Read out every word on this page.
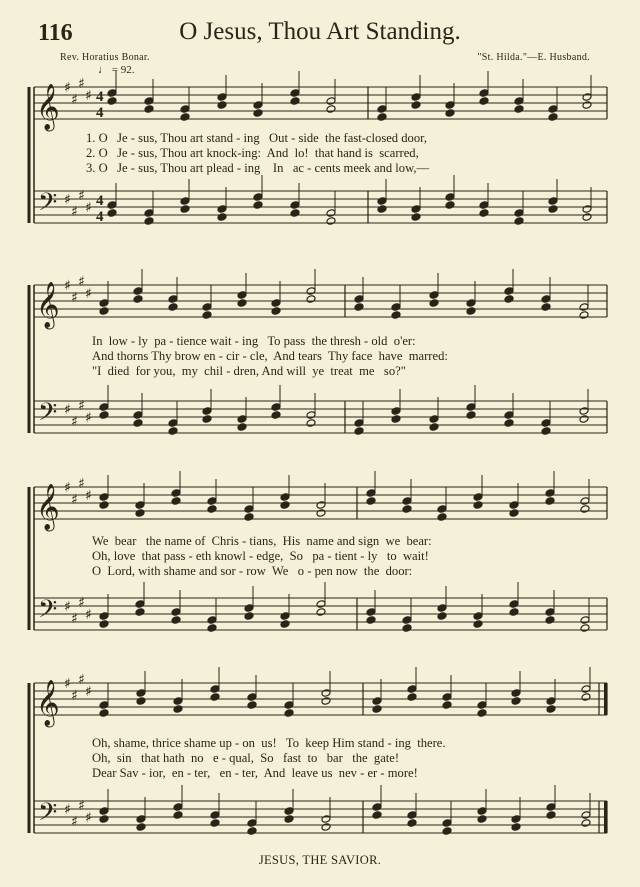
116	O Jesus, Thou Art Standing.
Rev. Horatius Bonar.	"St. Hilda."—E. Husband.
♩ = 92.
𝄞
𝄢
♯
♯
♯
♯
♯
♯
♯
♯
4
4
4
4
𝄞
𝄢
♯
♯
♯
♯
♯
♯
♯
♯
𝄞
𝄢
♯
♯
♯
♯
♯
♯
♯
♯
𝄞
𝄢
♯
♯
♯
♯
♯
♯
♯
♯
1. O   Je - sus, Thou art stand - ing   Out - side  the fast-closed door,
2. O   Je - sus, Thou art knock-ing:  And  lo!  that hand is  scarred,
3. O   Je - sus, Thou art plead - ing    In   ac - cents meek and low,—
In  low - ly  pa - tience wait - ing   To pass  the thresh - old  o'er:
And thorns Thy brow en - cir - cle,  And tears  Thy face  have  marred:
"I  died  for you,  my  chil - dren, And will  ye  treat  me   so?"
We  bear   the name of  Chris - tians,  His  name and sign  we  bear:
Oh, love  that pass - eth knowl - edge,  So   pa - tient - ly   to  wait!
O  Lord, with shame and sor - row  We   o - pen now  the  door:
Oh, shame, thrice shame up - on  us!   To  keep Him stand - ing  there.
Oh,  sin   that hath  no   e - qual,  So   fast  to   bar   the  gate!
Dear Sav - ior,  en - ter,   en - ter,  And  leave us  nev - er - more!
JESUS, THE SAVIOR.
